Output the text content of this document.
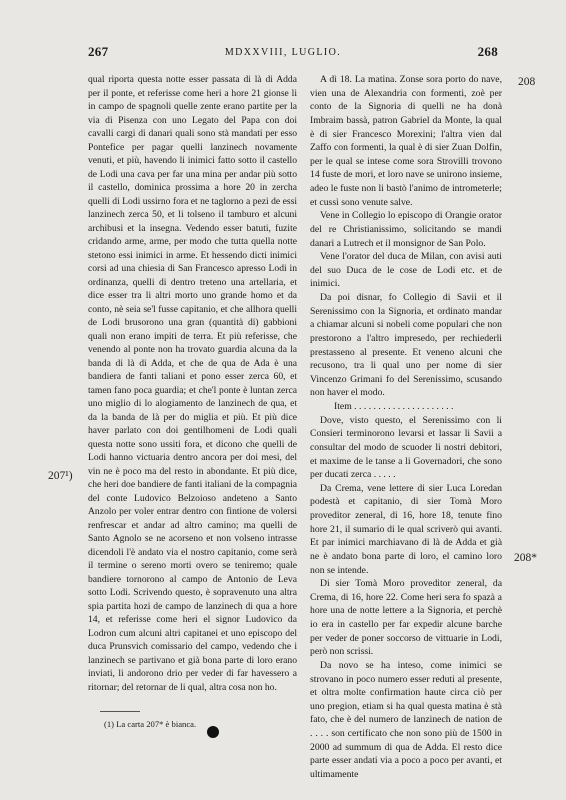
267	MDXXVIII, LUGLIO.	268
208
207¹)
208*

qual riporta questa notte esser passata di là di Adda per il ponte, et referisse come heri a hore 21 gionse li in campo de spagnoli quelle zente erano partite per la via di Pisenza con uno Legato del Papa con doi cavalli cargi di danari quali sono stà mandati per esso Pontefice per pagar quelli lanzinech novamente venuti, et più, havendo li inimici fatto sotto il castello de Lodi una cava per far una mina per andar più sotto il castello, dominica prossima a hore 20 in zercha quelli di Lodi ussirno fora et ne taglorno a pezi de essi lanzinech zerca 50, et li tolseno il tamburo et alcuni archibusi et la insegna. Vedendo esser batuti, fuzite cridando arme, arme, per modo che tutta quella notte stetono essi inimici in arme. Et hessendo dicti inimici corsi ad una chiesia di San Francesco apresso Lodi in ordinanza, quelli di dentro treteno una artellaria, et dice esser tra li altri morto uno grande homo et da conto, nè seia se'l fusse capitanio, et che allhora quelli de Lodi brusorono una gran (quantità di) gabbioni quali non erano impiti de terra. Et più referisse, che venendo al ponte non ha trovato guardia alcuna da la banda di là di Adda, et che de qua de Ada è una bandiera de fanti taliani et pono esser zerca 60, et tamen fano poca guardia; et che'l ponte è luntan zerca uno miglio di lo alogiamento de lanzinech de qua, et da la banda de là per do miglia et più. Et più dice haver parlato con doi gentilhomeni de Lodi quali questa notte sono ussiti fora, et dicono che quelli de Lodi hanno victuaria dentro ancora per doi mesi, del vin ne è poco ma del resto in abondante. Et più dice, che heri doe bandiere de fanti italiani de la compagnia del conte Ludovico Belzoioso andeteno a Santo Anzolo per voler entrar dentro con fintione de volersi renfrescar et andar ad altro camino; ma quelli de Santo Agnolo se ne acorseno et non volseno intrasse dicendoli l'è andato via el nostro capitanio, come serà il termine o sereno morti overo se teniremo; quale bandiere tornorono al campo de Antonio de Leva sotto Lodi. Scrivendo questo, è sopravenuto una altra spia partita hozi de campo de lanzinech di qua a hore 14, et referisse come heri el signor Ludovico da Lodron cum alcuni altri capitanei et uno episcopo del duca Prunsvich comissario del campo, vedendo che i lanzinech se partivano et già bona parte di loro erano inviati, li andorono drio per veder di far havessero a ritornar; del retornar de li qual, altra cosa non ho.

A dì 18. La matina. Zonse sora porto do nave, vien una de Alexandria con formenti, zoè per conto de la Signoria di quelli ne ha donà Imbraim bassà, patron Gabriel da Monte, la qual è di sier Francesco Morexini; l'altra vien dal Zaffo con formenti, la qual è di sier Zuan Dolfin, per le qual se intese come sora Strovilli trovono 14 fuste de mori, et loro nave se unirono insieme, adeo le fuste non li bastò l'animo de intrometerle; et cussì sono venute salve.

Vene in Collegio lo episcopo di Orangie orator del re Christianissimo, solicitando se mandi danari a Lutrech et il monsignor de San Polo.

Vene l'orator del duca de Milan, con avisi auti del suo Duca de le cose de Lodi etc. et de inimici.

Da poi disnar, fo Collegio di Savii et il Serenissimo con la Signoria, et ordinato mandar a chiamar alcuni si nobeli come populari che non prestorono a l'altro impresedo, per rechiederli prestasseno al presente. Et veneno alcuni che recusono, tra li qual uno per nome di sier Vincenzo Grimani fo del Serenissimo, scusando non haver el modo.

Item . . . . . . . . . . . . . . . . . . . . .

Dove, visto questo, el Serenissimo con li Consieri terminorono levarsi et lassar li Savii a consultar del modo de scuoder li nostri debitori, et maxime de le tanse a li Governadori, che sono per ducati zerca . . . . .

Da Crema, vene lettere di sier Luca Loredan podestà et capitanio, di sier Tomà Moro proveditor zeneral, di 16, hore 18, tenute fino hore 21, il sumario di le qual scriverò qui avanti. Et par inimici marchiavano di là de Adda et già ne è andato bona parte di loro, el camino loro non se intende.

Di sier Tomà Moro proveditor zeneral, da Crema, di 16, hore 22. Come heri sera fo spazà a hore una de notte lettere a la Signoria, et perchè io era in castello per far expedir alcune barche per veder de poner soccorso de vittuarie in Lodi, però non scrissi.

Da novo se ha inteso, come inimici se strovano in poco numero esser reduti al presente, et oltra molte confirmation haute circa ciò per uno pregion, etiam si ha qual questa matina è stà fato, che è del numero de lanzinech de nation de . . . . son certificato che non sono più de 1500 in 2000 ad summum di qua de Adda. El resto dice parte esser andati via a poco a poco per avanti, et ultimamente

(1) La carta 207* è bianca.
